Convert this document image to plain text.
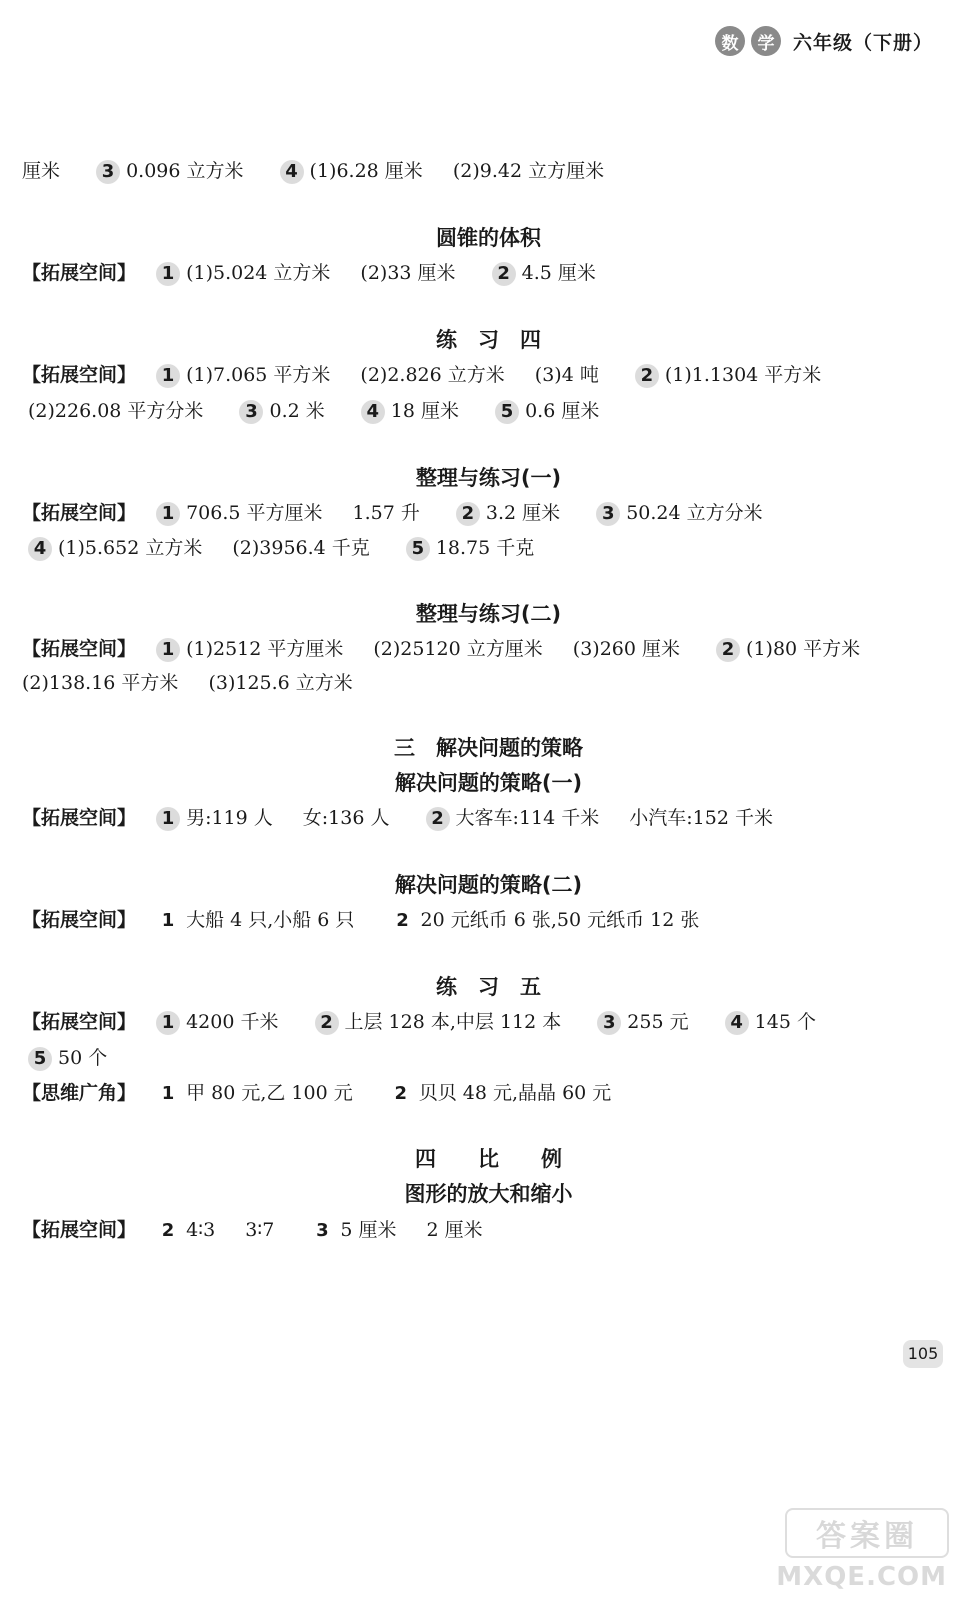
数	学 六年级（下册）
厘米 3 0.096 立方米 4 (1)6.28 厘米 (2)9.42 立方厘米
圆锥的体积
【拓展空间】 1 (1)5.024 立方米 (2)33 厘米 2 4.5 厘米
练　习　四
【拓展空间】 1 (1)7.065 平方米 (2)2.826 立方米 (3)4 吨 2 (1)1.1304 平方米
(2)226.08 平方分米 3 0.2 米 4 18 厘米 5 0.6 厘米
整理与练习(一)
【拓展空间】 1 706.5 平方厘米 1.57 升 2 3.2 厘米 3 50.24 立方分米
4 (1)5.652 立方米 (2)3956.4 千克 5 18.75 千克
整理与练习(二)
【拓展空间】 1 (1)2512 平方厘米 (2)25120 立方厘米 (3)260 厘米 2 (1)80 平方米
(2)138.16 平方米 (3)125.6 立方米
三　解决问题的策略
解决问题的策略(一)
【拓展空间】 1 男:119 人 女:136 人 2 大客车:114 千米 小汽车:152 千米
解决问题的策略(二)
【拓展空间】 1 大船 4 只,小船 6 只 2 20 元纸币 6 张,50 元纸币 12 张
练　习　五
【拓展空间】 1 4200 千米 2 上层 128 本,中层 112 本 3 255 元 4 145 个
5 50 个
【思维广角】 1 甲 80 元,乙 100 元 2 贝贝 48 元,晶晶 60 元
四　　比　　例
图形的放大和缩小
【拓展空间】 2 4∶3 3∶7 3 5 厘米 2 厘米
105
答案圈
MXQE.COM
